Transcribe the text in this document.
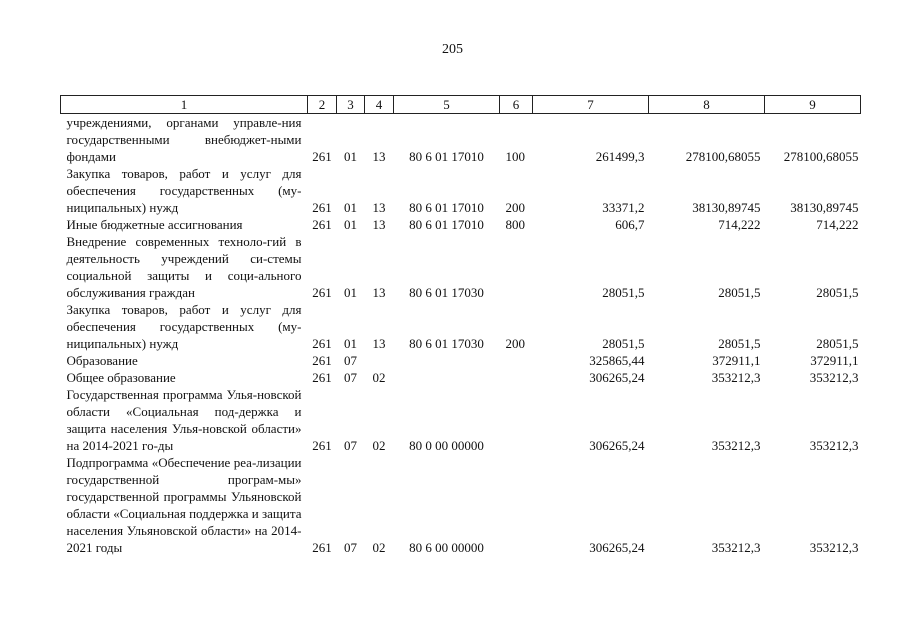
205
1	2	3	4	5	6	7	8	9
учреждениями, органами управле-ния государственными внебюджет-ными фондами	261	01	13	80 6 01 17010	100	261499,3	278100,68055	278100,68055
Закупка товаров, работ и услуг для обеспечения государственных (му-ниципальных) нужд	261	01	13	80 6 01 17010	200	33371,2	38130,89745	38130,89745
Иные бюджетные ассигнования	261	01	13	80 6 01 17010	800	606,7	714,222	714,222
Внедрение современных техноло-гий в деятельность учреждений си-стемы социальной защиты и соци-ального обслуживания граждан	261	01	13	80 6 01 17030		28051,5	28051,5	28051,5
Закупка товаров, работ и услуг для обеспечения государственных (му-ниципальных) нужд	261	01	13	80 6 01 17030	200	28051,5	28051,5	28051,5
Образование	261	07				325865,44	372911,1	372911,1
Общее образование	261	07	02			306265,24	353212,3	353212,3
Государственная программа Улья-новской области «Социальная под-держка и защита населения Улья-новской области» на 2014-2021 го-ды	261	07	02	80 0 00 00000		306265,24	353212,3	353212,3
Подпрограмма «Обеспечение реа-лизации государственной програм-мы» государственной программы Ульяновской области «Социальная поддержка и защита населения Ульяновской области» на 2014-2021 годы	261	07	02	80 6 00 00000		306265,24	353212,3	353212,3
